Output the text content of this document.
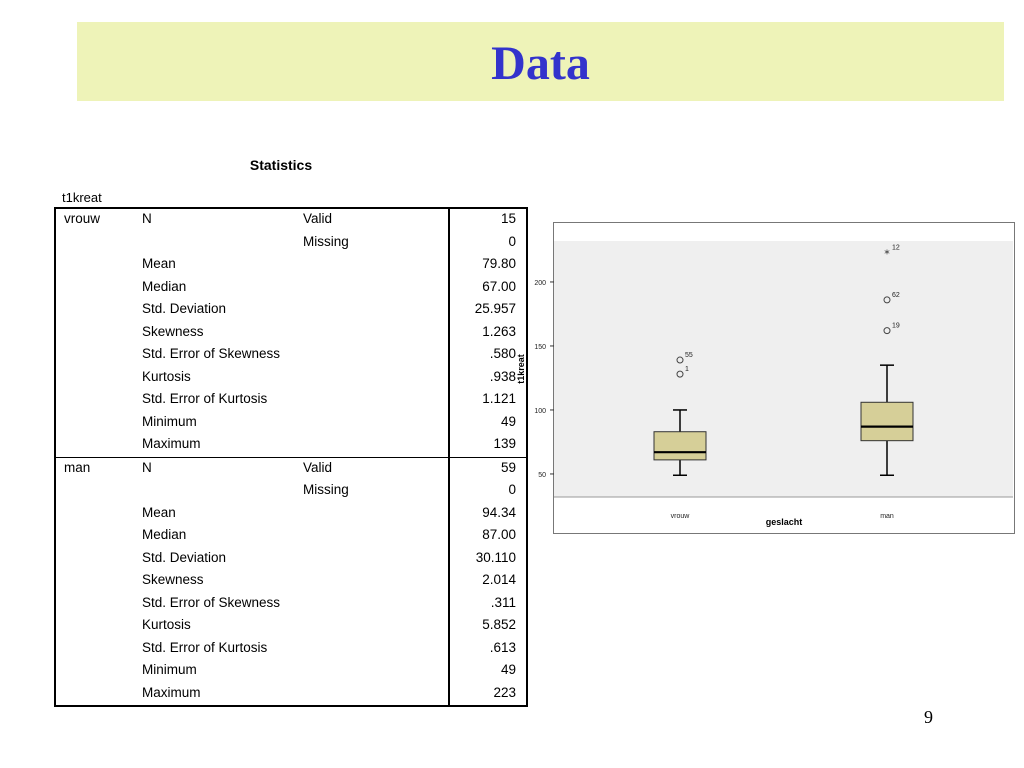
Data
Statistics
t1kreat
vrouw	N	Valid	15
		Missing	0
	Mean		79.80
	Median		67.00
	Std. Deviation		25.957
	Skewness		1.263
	Std. Error of Skewness		.580
	Kurtosis		.938
	Std. Error of Kurtosis		1.121
	Minimum		49
	Maximum		139
man	N	Valid	59
		Missing	0
	Mean		94.34
	Median		87.00
	Std. Deviation		30.110
	Skewness		2.014
	Std. Error of Skewness		.311
	Kurtosis		5.852
	Std. Error of Kurtosis		.613
	Minimum		49
	Maximum		223
50
100
150
200
55
1
vrouw
* 12
62
19
man
geslacht
t1kreat
9
